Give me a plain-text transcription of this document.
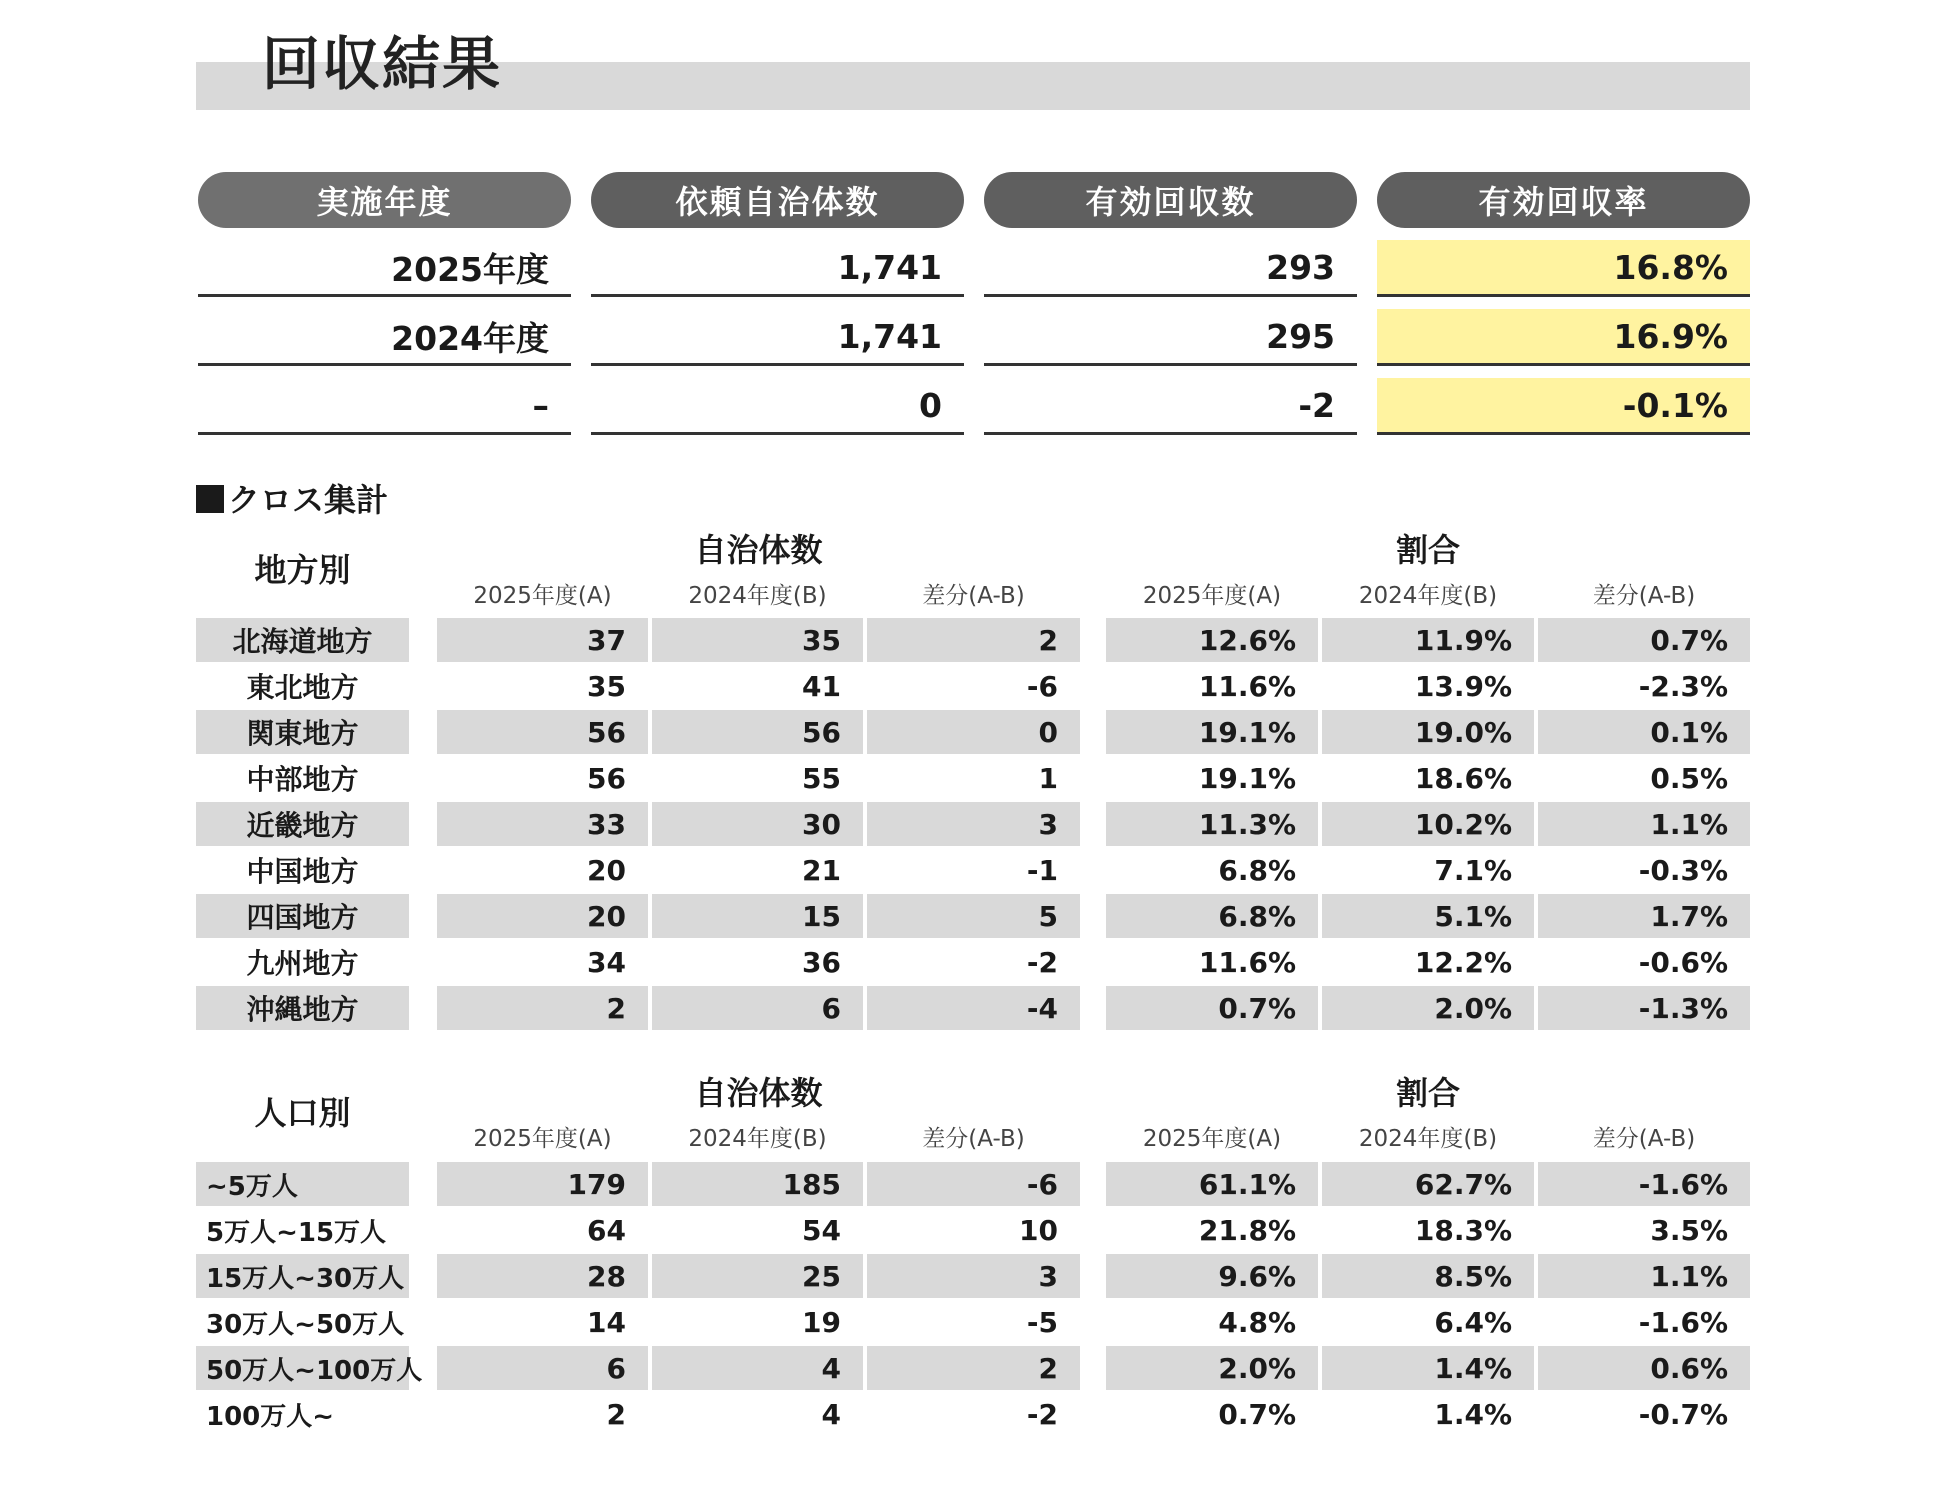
回収結果
実施年度	依頼自治体数	有効回収数	有効回収率
2025年度	1,741	293	16.8%
2024年度	1,741	295	16.9%
–	0	-2	-0.1%
クロス集計
地方別
自治体数	割合
2025年度(A)	2024年度(B)	差分(A-B)	2025年度(A)	2024年度(B)	差分(A-B)
北海道地方	37	35	2	12.6%	11.9%	0.7%
東北地方	35	41	-6	11.6%	13.9%	-2.3%
関東地方	56	56	0	19.1%	19.0%	0.1%
中部地方	56	55	1	19.1%	18.6%	0.5%
近畿地方	33	30	3	11.3%	10.2%	1.1%
中国地方	20	21	-1	6.8%	7.1%	-0.3%
四国地方	20	15	5	6.8%	5.1%	1.7%
九州地方	34	36	-2	11.6%	12.2%	-0.6%
沖縄地方	2	6	-4	0.7%	2.0%	-1.3%
人口別
自治体数	割合
2025年度(A)	2024年度(B)	差分(A-B)	2025年度(A)	2024年度(B)	差分(A-B)
~5万人	179	185	-6	61.1%	62.7%	-1.6%
5万人~15万人	64	54	10	21.8%	18.3%	3.5%
15万人~30万人	28	25	3	9.6%	8.5%	1.1%
30万人~50万人	14	19	-5	4.8%	6.4%	-1.6%
50万人~100万人	6	4	2	2.0%	1.4%	0.6%
100万人~	2	4	-2	0.7%	1.4%	-0.7%
